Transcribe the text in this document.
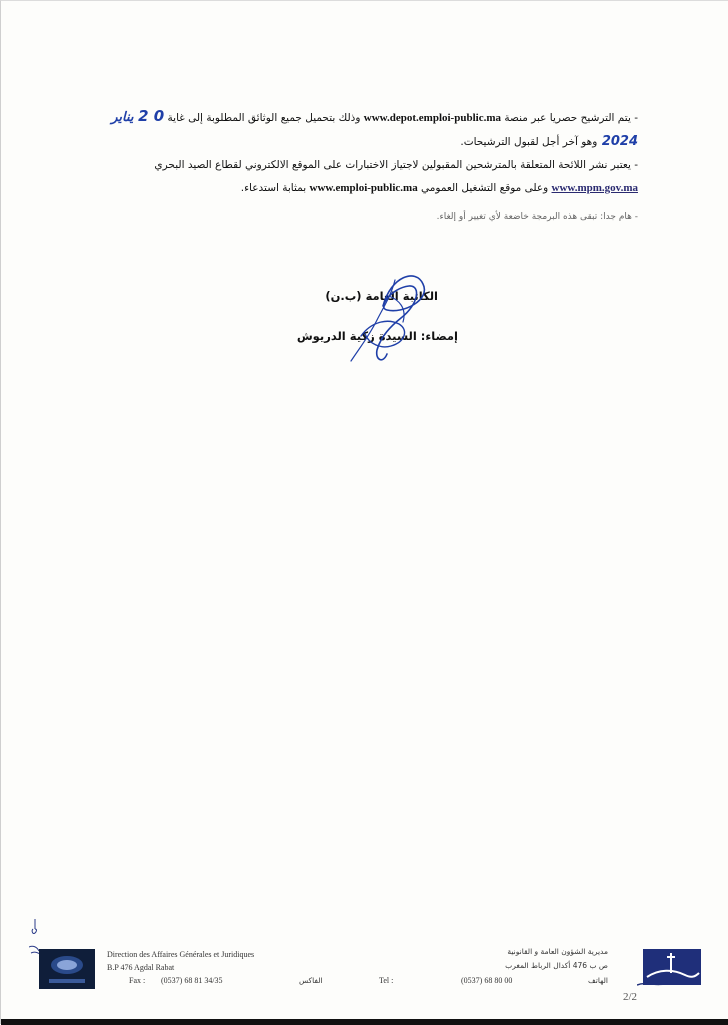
- يتم الترشيح حصريا عبر منصة www.depot.emploi-public.ma وذلك بتحميل جميع الوثائق المطلوبة إلى غاية 0 2 يناير 2024 وهو آخر أجل لقبول الترشيحات.
- يعتبر نشر اللائحة المتعلقة بالمترشحين المقبولين لاجتياز الاختبارات على الموقع الالكتروني لقطاع الصيد البحري www.mpm.gov.ma وعلى موقع التشغيل العمومي www.emploi-public.ma بمثابة استدعاء.
- هام جدا: تبقى هذه البرمجة خاضعة لأي تغيير أو إلغاء.
الكاتبة العامة (ب.ن)
إمضاء: السيدة زكية الدريوش
Direction des Affaires Générales et Juridiques
B.P 476 Agdal Rabat
Fax : (0537) 68 81 34/35	الفاكس	Tel :	(0537) 68 80 00
مديرية الشؤون العامة و القانونية
ص ب 476 أكدال الرباط المغرب
الهاتف
2/2
